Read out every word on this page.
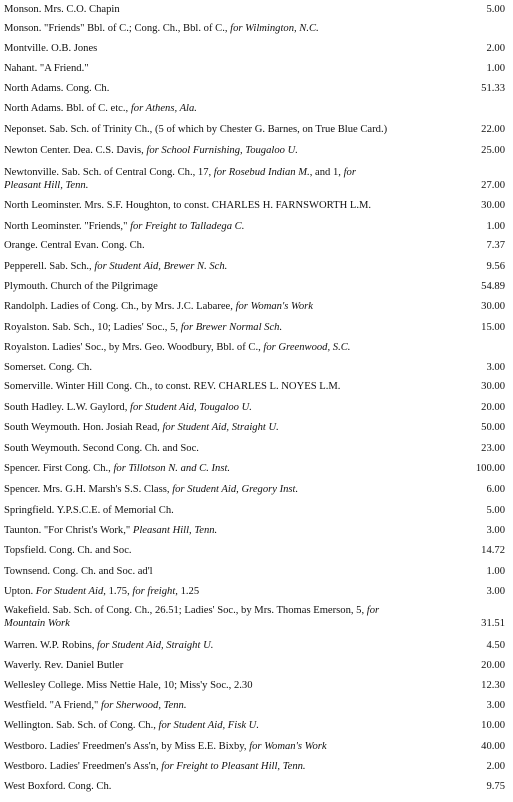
Monson. Mrs. C.O. Chapin	5.00
Monson. "Friends" Bbl. of C.; Cong. Ch., Bbl. of C., for Wilmington, N.C.
Montville. O.B. Jones	2.00
Nahant. "A Friend."	1.00
North Adams. Cong. Ch.	51.33
North Adams. Bbl. of C. etc., for Athens, Ala.
Neponset. Sab. Sch. of Trinity Ch., (5 of which by Chester G. Barnes, on True Blue Card.)	22.00
Newton Center. Dea. C.S. Davis, for School Furnishing, Tougaloo U.	25.00
Newtonville. Sab. Sch. of Central Cong. Ch., 17, for Rosebud Indian M., and 1, for
Pleasant Hill, Tenn.	27.00
North Leominster. Mrs. S.F. Houghton, to const. CHARLES H. FARNSWORTH L.M.	30.00
North Leominster. "Friends," for Freight to Talladega C.	1.00
Orange. Central Evan. Cong. Ch.	7.37
Pepperell. Sab. Sch., for Student Aid, Brewer N. Sch.	9.56
Plymouth. Church of the Pilgrimage	54.89
Randolph. Ladies of Cong. Ch., by Mrs. J.C. Labaree, for Woman's Work	30.00
Royalston. Sab. Sch., 10; Ladies' Soc., 5, for Brewer Normal Sch.	15.00
Royalston. Ladies' Soc., by Mrs. Geo. Woodbury, Bbl. of C., for Greenwood, S.C.
Somerset. Cong. Ch.	3.00
Somerville. Winter Hill Cong. Ch., to const. REV. CHARLES L. NOYES L.M.	30.00
South Hadley. L.W. Gaylord, for Student Aid, Tougaloo U.	20.00
South Weymouth. Hon. Josiah Read, for Student Aid, Straight U.	50.00
South Weymouth. Second Cong. Ch. and Soc.	23.00
Spencer. First Cong. Ch., for Tillotson N. and C. Inst.	100.00
Spencer. Mrs. G.H. Marsh's S.S. Class, for Student Aid, Gregory Inst.	6.00
Springfield. Y.P.S.C.E. of Memorial Ch.	5.00
Taunton. "For Christ's Work," Pleasant Hill, Tenn.	3.00
Topsfield. Cong. Ch. and Soc.	14.72
Townsend. Cong. Ch. and Soc. ad'l	1.00
Upton. For Student Aid, 1.75, for freight, 1.25	3.00
Wakefield. Sab. Sch. of Cong. Ch., 26.51; Ladies' Soc., by Mrs. Thomas Emerson, 5, for
Mountain Work	31.51
Warren. W.P. Robins, for Student Aid, Straight U.	4.50
Waverly. Rev. Daniel Butler	20.00
Wellesley College. Miss Nettie Hale, 10; Miss'y Soc., 2.30	12.30
Westfield. "A Friend," for Sherwood, Tenn.	3.00
Wellington. Sab. Sch. of Cong. Ch., for Student Aid, Fisk U.	10.00
Westboro. Ladies' Freedmen's Ass'n, by Miss E.E. Bixby, for Woman's Work	40.00
Westboro. Ladies' Freedmen's Ass'n, for Freight to Pleasant Hill, Tenn.	2.00
West Boxford. Cong. Ch.	9.75
